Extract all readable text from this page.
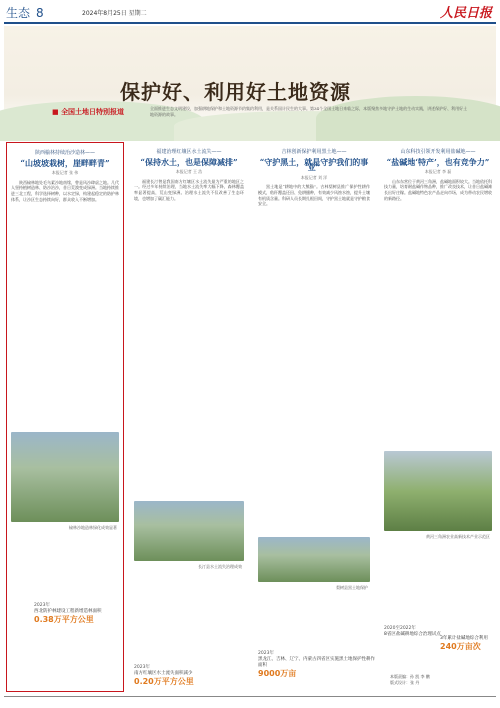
生态 8	2024年8月25日 星期二	人民日报
保护好、利用好土地资源
■ 全国土地日特别报道	全面推进生态文明建设，加强耕地保护和土地资源节约集约利用，是关系国计民生的大事。第34个全国土地日来临之际，本版聚焦多地守护土地的生动实践，讲述保护好、利用好土地资源的故事。
陕西榆林持续治沙造林——
“山坡坡栽树，崖畔畔青”
本报记者 张 伟
陕西榆林地处毛乌素沙地南缘，曾是风沙肆虐之地。几代人坚持植树造林、防沙治沙，昔日荒漠变成绿洲。当地持续推进三北工程，科学选择树种，以水定绿，构建起稳定的防护林体系，让沙区生态持续向好，群众收入不断增加。
榆林沙地造林绿化成效显著
2023年
西北防护林建设工程新增造林面积
0.38万平方公里
福建治理红壤区水土流失——
“保持水土，也是保障减排”
本报记者 王 浩
福建长汀曾是我国南方红壤区水土流失最为严重的地区之一。经过多年持续治理，当地水土流失率大幅下降，森林覆盖率显著提高，荒山变绿洲。治理水土流失不仅改善了生态环境，也增加了碳汇能力。
长汀县水土流失治理成效
2023年
南方红壤区水土流失面积减少
0.20万平方公里
吉林创新保护利用黑土地——
“守护黑土，就是守护我们的事业”
本报记者 刘 洋
黑土地是“耕地中的大熊猫”。吉林梨树县推广保护性耕作模式，秸秆覆盖还田、免耕播种，有效减少风蚀水蚀，提升土壤有机质含量。科研人员长期扎根田间，守护黑土地就是守护粮食安全。
梨树县黑土地保护
2023年
黑龙江、吉林、辽宁、内蒙古四省区实施黑土地保护性耕作面积
9000万亩
山东科技引领开发利用盐碱地——
“盐碱地‘特产’，也有竞争力”
本报记者 李 磊
山东东营位于黄河三角洲，盐碱地面积较大。当地依托科技力量，培育耐盐碱作物品种，推广改良技术，让昔日盐碱滩长出好庄稼。盐碱地特色农产品走向市场，成为带动农民增收的新路径。
黄河三角洲农业高新技术产业示范区
2020至2022年
8省区盐碱耕地综合治理试点
3年累计盐碱地综合利用
240万亩次
本版责编：孙 凯 李 鹏
版式设计：张 丹
